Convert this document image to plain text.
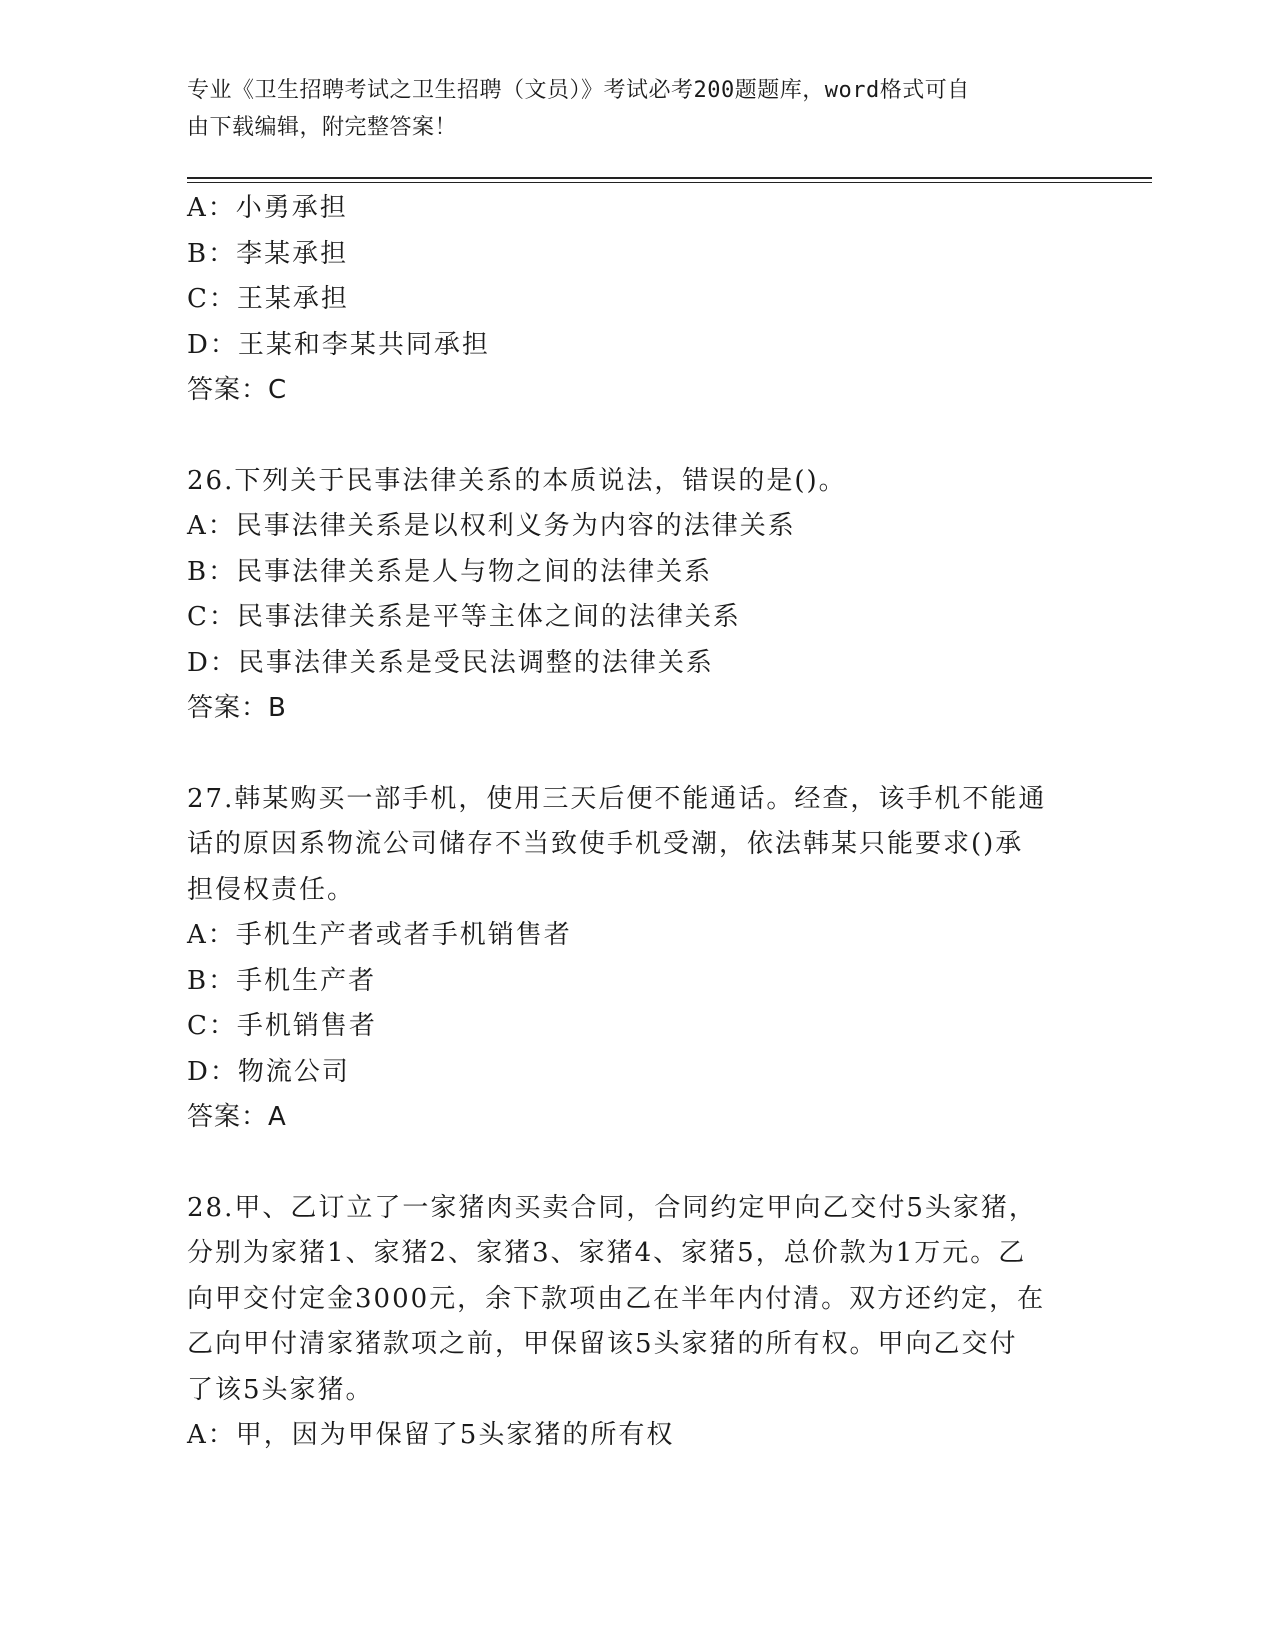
专业《卫生招聘考试之卫生招聘（文员）》考试必考200题题库，word格式可自
由下载编辑，附完整答案！
A：小勇承担
B：李某承担
C：王某承担
D：王某和李某共同承担
答案：C
26.下列关于民事法律关系的本质说法，错误的是()。
A：民事法律关系是以权利义务为内容的法律关系
B：民事法律关系是人与物之间的法律关系
C：民事法律关系是平等主体之间的法律关系
D：民事法律关系是受民法调整的法律关系
答案：B
27.韩某购买一部手机，使用三天后便不能通话。经查，该手机不能通
话的原因系物流公司储存不当致使手机受潮，依法韩某只能要求()承
担侵权责任。
A：手机生产者或者手机销售者
B：手机生产者
C：手机销售者
D：物流公司
答案：A
28.甲、乙订立了一家猪肉买卖合同，合同约定甲向乙交付5头家猪，
分别为家猪1、家猪2、家猪3、家猪4、家猪5，总价款为1万元。乙
向甲交付定金3000元，余下款项由乙在半年内付清。双方还约定，在
乙向甲付清家猪款项之前，甲保留该5头家猪的所有权。甲向乙交付
了该5头家猪。
A：甲，因为甲保留了5头家猪的所有权
